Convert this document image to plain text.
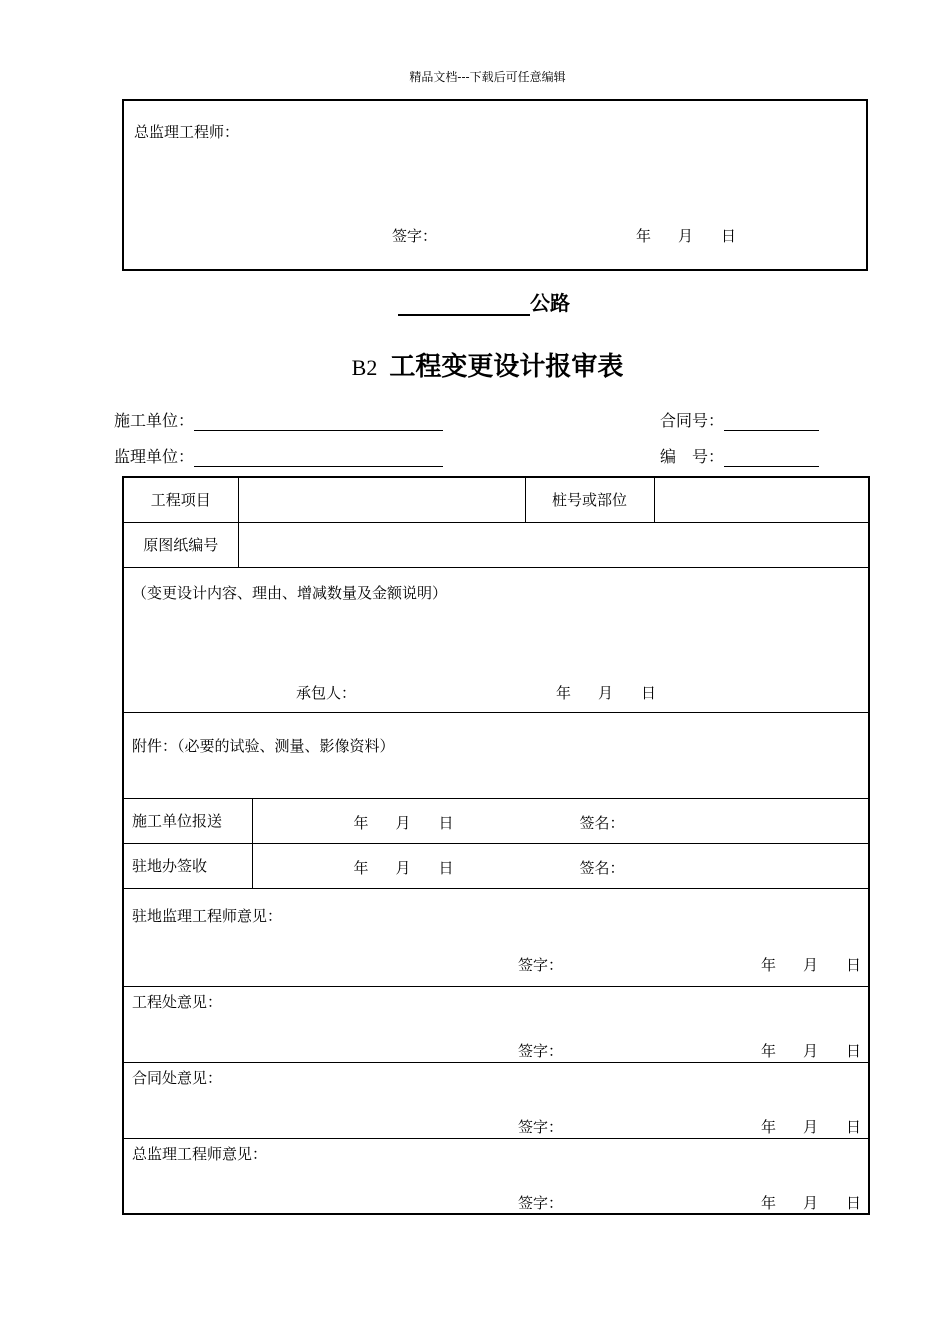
精品文档---下载后可任意编辑
总监理工程师：
签字：	年 月 日
公路
B2 工程变更设计报审表
施工单位：
监理单位：
合同号：
编　号：
工程项目			桩号或部位	
原图纸编号				

（变更设计内容、理由、增减数量及金额说明）
承包人： 年 月 日				

附件：（必要的试验、测量、影像资料）				

施工单位报送		年 月 日 签名：		

驻地办签收		年 月 日 签名：		

驻地监理工程师意见：
签字： 年 月 日				

工程处意见：
签字： 年 月 日				

合同处意见：
签字： 年 月 日				

总监理工程师意见：
签字： 年 月 日				
